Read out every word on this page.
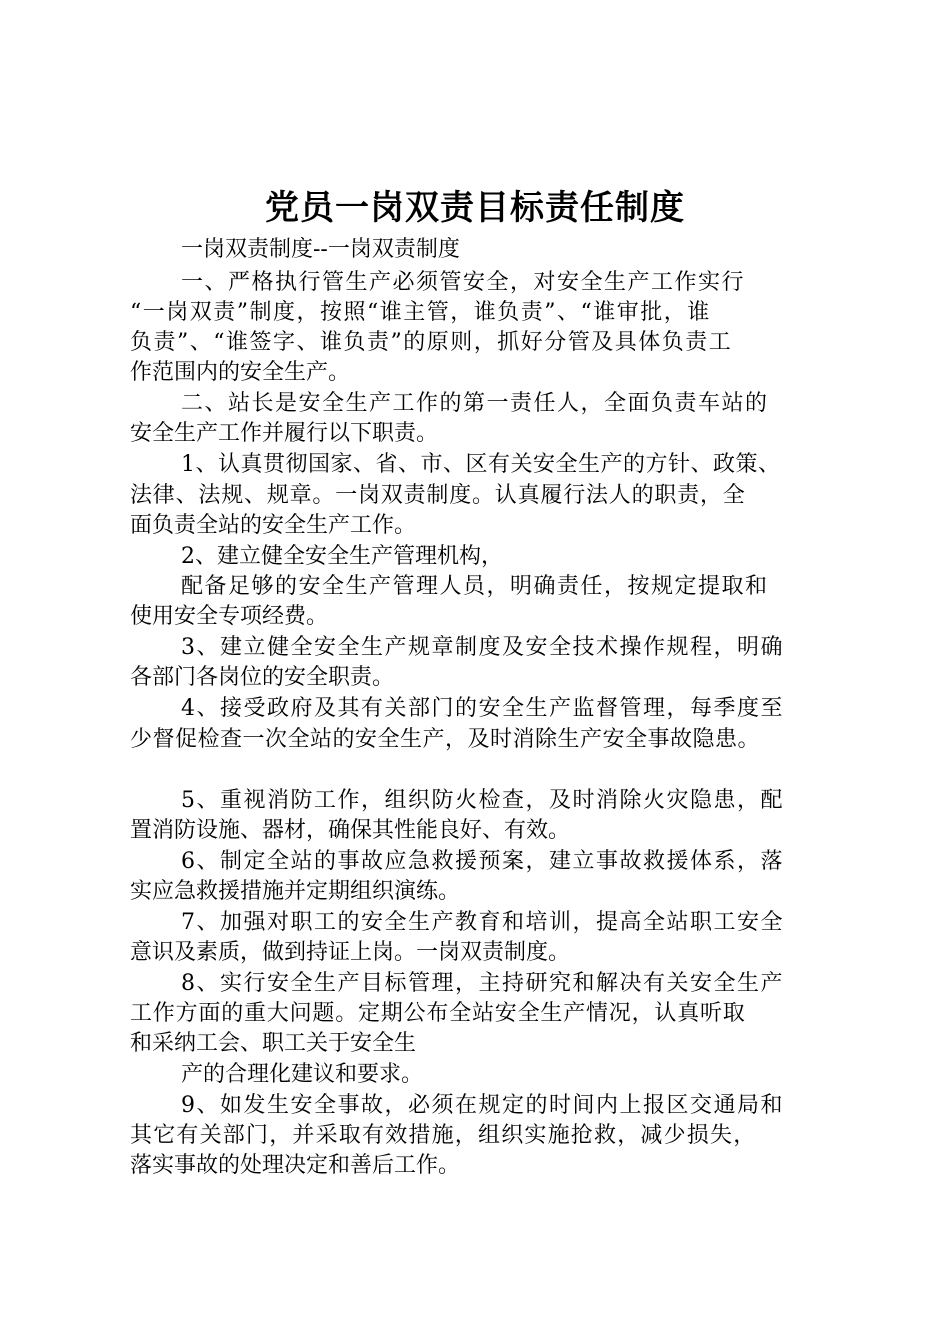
党员一岗双责目标责任制度
一岗双责制度--一岗双责制度
一、严格执行管生产必须管安全，对安全生产工作实行
“一岗双责”制度，按照“谁主管，谁负责”、“谁审批，谁
负责”、“谁签字、谁负责”的原则，抓好分管及具体负责工
作范围内的安全生产。
二、站长是安全生产工作的第一责任人，全面负责车站的
安全生产工作并履行以下职责。
1、认真贯彻国家、省、市、区有关安全生产的方针、政策、
法律、法规、规章。一岗双责制度。认真履行法人的职责，全
面负责全站的安全生产工作。
2、建立健全安全生产管理机构，
配备足够的安全生产管理人员，明确责任，按规定提取和
使用安全专项经费。
3、建立健全安全生产规章制度及安全技术操作规程，明确
各部门各岗位的安全职责。
4、接受政府及其有关部门的安全生产监督管理，每季度至
少督促检查一次全站的安全生产，及时消除生产安全事故隐患。
5、重视消防工作，组织防火检查，及时消除火灾隐患，配
置消防设施、器材，确保其性能良好、有效。
6、制定全站的事故应急救援预案，建立事故救援体系，落
实应急救援措施并定期组织演练。
7、加强对职工的安全生产教育和培训，提高全站职工安全
意识及素质，做到持证上岗。一岗双责制度。
8、实行安全生产目标管理，主持研究和解决有关安全生产
工作方面的重大问题。定期公布全站安全生产情况，认真听取
和采纳工会、职工关于安全生
产的合理化建议和要求。
9、如发生安全事故，必须在规定的时间内上报区交通局和
其它有关部门，并采取有效措施，组织实施抢救，减少损失，
落实事故的处理决定和善后工作。
